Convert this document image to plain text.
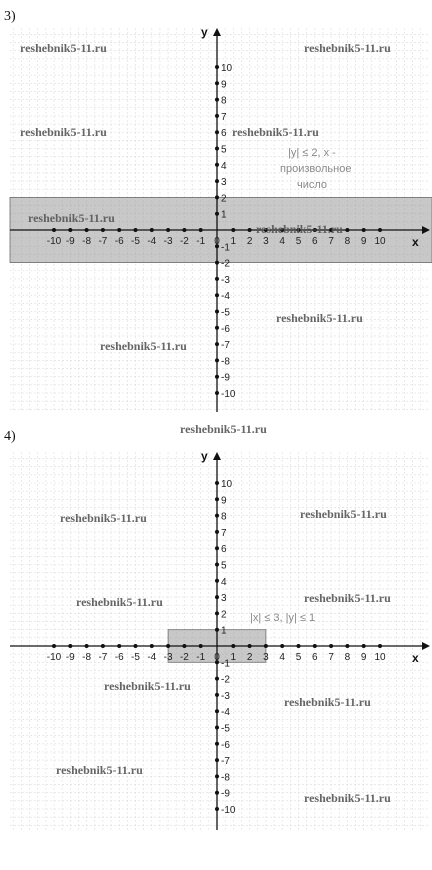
3)
-10 -9 -8 -7 -6 -5 -4 -3 -2 -1 0 1 2 3 4 5 6 7 8 9 10
10
9
8
7
6
5
4
3
2
1
-1
-2
-3
-4
-5
-6
-7
-8
-9
-10
x
y
|y| ≤ 2, x -
произвольное
число
reshebnik5-11.ru	reshebnik5-11.ru
reshebnik5-11.ru	reshebnik5-11.ru
reshebnik5-11.ru
reshebnik5-11.ru
reshebnik5-11.ru
reshebnik5-11.ru
reshebnik5-11.ru
4)
-10 -9 -8 -7 -6 -5 -4 -3 -2 -1 0 1 2 3 4 5 6 7 8 9 10
10
9
8
7
6
5
4
3
2
1
-1
-2
-3
-4
-5
-6
-7
-8
-9
-10
x
y
|x| ≤ 3, |y| ≤ 1
reshebnik5-11.ru	reshebnik5-11.ru
reshebnik5-11.ru	reshebnik5-11.ru
reshebnik5-11.ru
reshebnik5-11.ru
reshebnik5-11.ru
reshebnik5-11.ru
